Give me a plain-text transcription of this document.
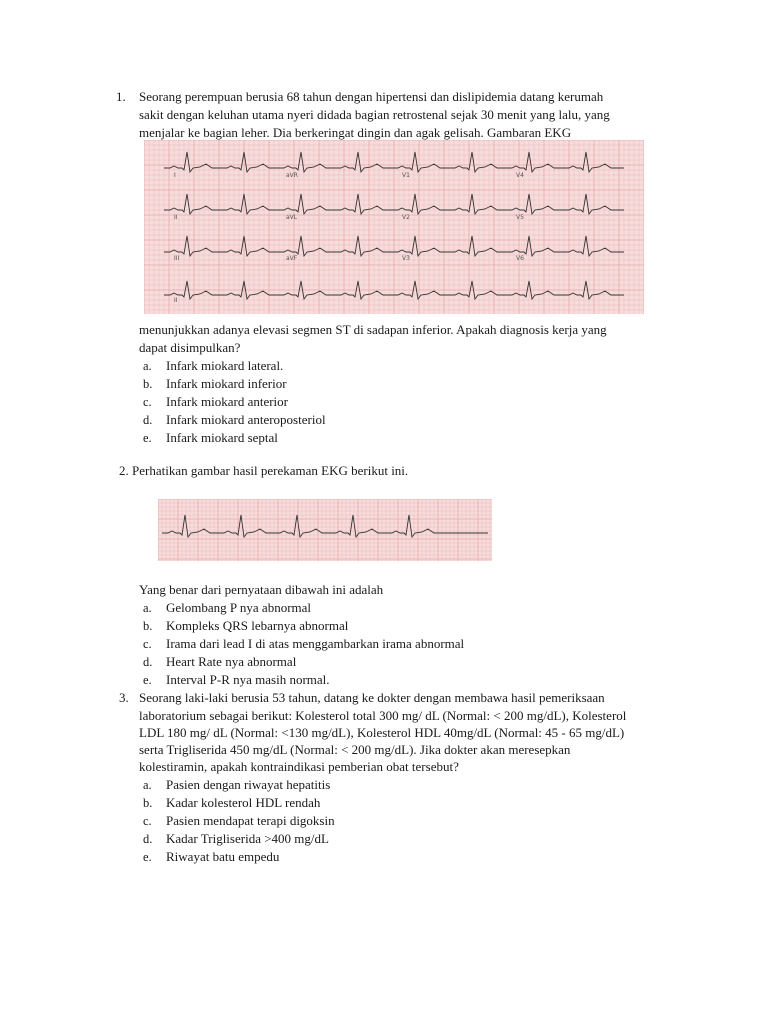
1. Seorang perempuan berusia 68 tahun dengan hipertensi dan dislipidemia datang kerumah
sakit dengan keluhan utama nyeri didada bagian retrostenal sejak 30 menit yang lalu, yang
menjalar ke bagian leher. Dia berkeringat dingin dan agak gelisah. Gambaran EKG
I
II
III
aVR
aVL
aVF
V1
V2
V3
V4
V5
V6
II
menunjukkan adanya elevasi segmen ST di sadapan inferior. Apakah diagnosis kerja yang
dapat disimpulkan?
a. Infark miokard lateral.
b. Infark miokard inferior
c. Infark miokard anterior
d. Infark miokard anteroposteriol
e. Infark miokard septal
2. Perhatikan gambar hasil perekaman EKG berikut ini.
Yang benar dari pernyataan dibawah ini adalah
a. Gelombang P nya abnormal
b. Kompleks QRS lebarnya abnormal
c. Irama dari lead I di atas menggambarkan irama abnormal
d. Heart Rate nya abnormal
e. Interval P-R nya masih normal.
3. Seorang laki-laki berusia 53 tahun, datang ke dokter dengan membawa hasil pemeriksaan
laboratorium sebagai berikut: Kolesterol total 300 mg/ dL (Normal: < 200 mg/dL), Kolesterol
LDL 180 mg/ dL (Normal: <130 mg/dL), Kolesterol HDL 40mg/dL (Normal: 45 - 65 mg/dL)
serta Trigliserida 450 mg/dL (Normal: < 200 mg/dL). Jika dokter akan meresepkan
kolestiramin, apakah kontraindikasi pemberian obat tersebut?
a. Pasien dengan riwayat hepatitis
b. Kadar kolesterol HDL rendah
c. Pasien mendapat terapi digoksin
d. Kadar Trigliserida >400 mg/dL
e. Riwayat batu empedu
